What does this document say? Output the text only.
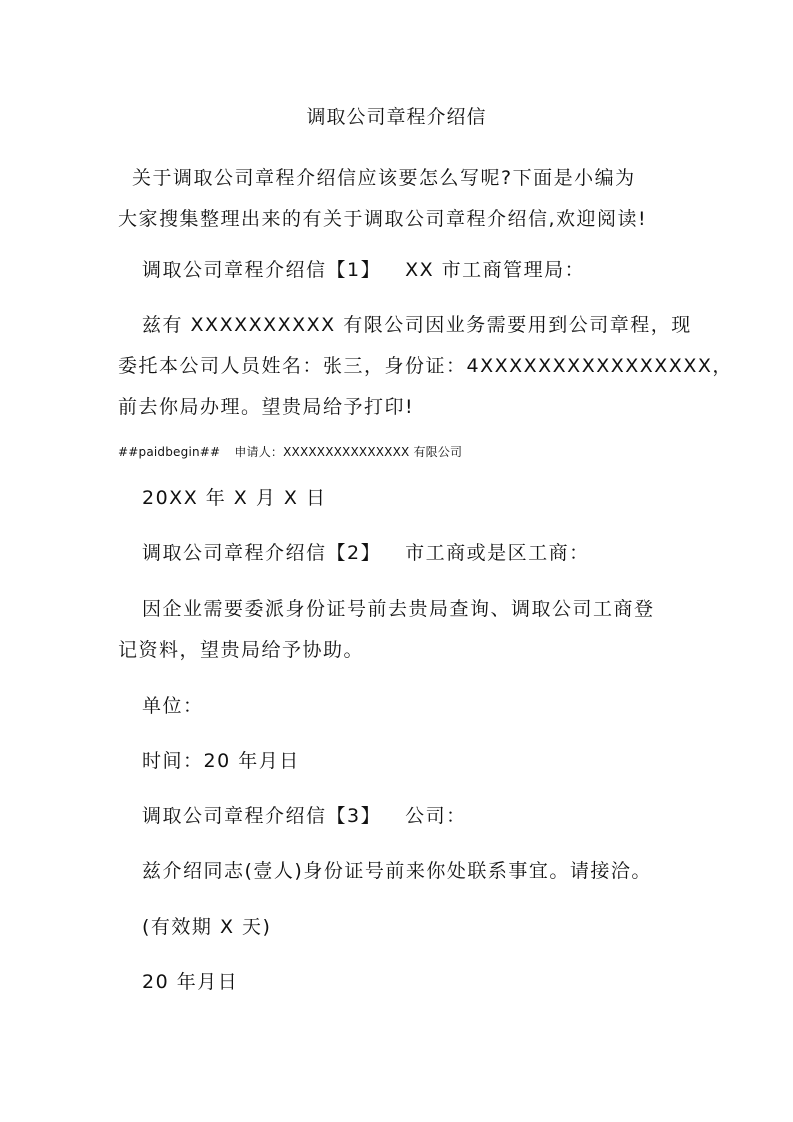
调取公司章程介绍信
关于调取公司章程介绍信应该要怎么写呢?下面是小编为
大家搜集整理出来的有关于调取公司章程介绍信,欢迎阅读!
调取公司章程介绍信【1】 XX 市工商管理局：
兹有 XXXXXXXXXX 有限公司因业务需要用到公司章程，现
委托本公司人员姓名：张三，身份证：4XXXXXXXXXXXXXXXX，
前去你局办理。望贵局给予打印!
##paidbegin## 申请人：XXXXXXXXXXXXXXX 有限公司
20XX 年 X 月 X 日
调取公司章程介绍信【2】 市工商或是区工商：
因企业需要委派身份证号前去贵局查询、调取公司工商登
记资料，望贵局给予协助。
单位：
时间：20 年月日
调取公司章程介绍信【3】 公司：
兹介绍同志(壹人)身份证号前来你处联系事宜。请接洽。
(有效期 X 天)
20 年月日
